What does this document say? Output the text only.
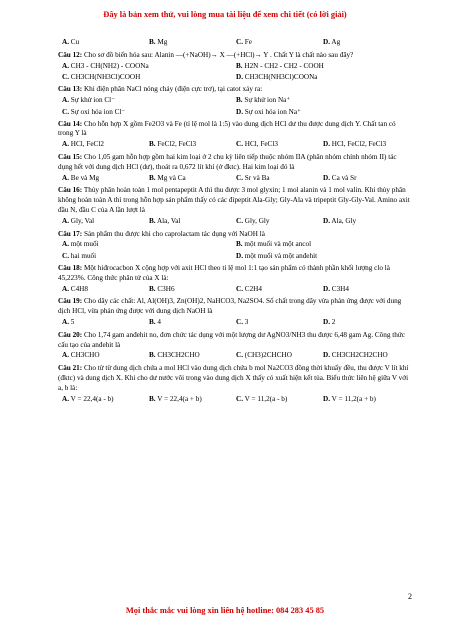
Đây là bản xem thử, vui lòng mua tài liệu để xem chi tiết (có lời giải)
A. Cu	B. Mg	C. Fe	D. Ag

Câu 12: Cho sơ đồ biến hóa sau: Alanin —(+NaOH)→ X —(+HCl)→ Y . Chất Y là chất nào sau đây?

A. CH3 - CH(NH2) - COONa	B. H2N - CH2 - CH2 - COOH
C. CH3CH(NH3Cl)COOH	D. CH3CH(NH3Cl)COONa

Câu 13: Khi điện phân NaCl nóng chảy (điện cực trơ), tại catot xảy ra:

A. Sự khử ion Cl⁻	B. Sự khử ion Na⁺
C. Sự oxi hóa ion Cl⁻	D. Sự oxi hóa ion Na⁺

Câu 14: Cho hỗn hợp X gồm Fe2O3 và Fe (tỉ lệ mol là 1:5) vào dung dịch HCl dư thu được dung dịch Y. Chất tan có trong Y là

A. HCl, FeCl2	B. FeCl2, FeCl3	C. HCl, FeCl3	D. HCl, FeCl2, FeCl3

Câu 15: Cho 1,05 gam hỗn hợp gồm hai kim loại ở 2 chu kỳ liên tiếp thuộc nhóm IIA (phân nhóm chính nhóm II) tác dụng hết với dung dịch HCl (dư), thoát ra 0,672 lít khí (ở đktc). Hai kim loại đó là

A. Be và Mg	B. Mg và Ca	C. Sr và Ba	D. Ca và Sr

Câu 16: Thủy phân hoàn toàn 1 mol pentapeptit A thì thu được 3 mol glyxin; 1 mol alanin và 1 mol valin. Khi thủy phân không hoàn toàn A thì trong hỗn hợp sản phẩm thấy có các đipeptit Ala-Gly; Gly-Ala và tripeptit Gly-Gly-Val. Amino axit đầu N, đầu C của A lần lượt là

A. Gly, Val	B. Ala, Val	C. Gly, Gly	D. Ala, Gly

Câu 17: Sản phẩm thu được khi cho caprolactam tác dụng với NaOH là

A. một muối	B. một muối và một ancol
C. hai muối	D. một muối và một anđehit

Câu 18: Một hiđrocacbon X cộng hợp với axit HCl theo tỉ lệ mol 1:1 tạo sản phẩm có thành phần khối lượng clo là 45,223%. Công thức phân tử của X là:

A. C4H8	B. C3H6	C. C2H4	D. C3H4

Câu 19: Cho dãy các chất: Al, Al(OH)3, Zn(OH)2, NaHCO3, Na2SO4. Số chất trong dãy vừa phản ứng được với dung dịch HCl, vừa phản ứng được với dung dịch NaOH là

A. 5	B. 4	C. 3	D. 2

Câu 20: Cho 1,74 gam anđehit no, đơn chức tác dụng với một lượng dư AgNO3/NH3 thu được 6,48 gam Ag. Công thức cấu tạo của anđehit là

A. CH3CHO	B. CH3CH2CHO	C. (CH3)2CHCHO	D. CH3CH2CH2CHO

Câu 21: Cho từ từ dung dịch chứa a mol HCl vào dung dịch chứa b mol Na2CO3 đồng thời khuấy đều, thu được V lít khí (đktc) và dung dịch X. Khi cho dư nước vôi trong vào dung dịch X thấy có xuất hiện kết tủa. Biểu thức liên hệ giữa V với a, b là:

A. V = 22,4(a - b)	B. V = 22,4(a + b)	C. V = 11,2(a - b)	D. V = 11,2(a + b)
2
Mọi thắc mắc vui lòng xin liên hệ hotline: 084 283 45 85
